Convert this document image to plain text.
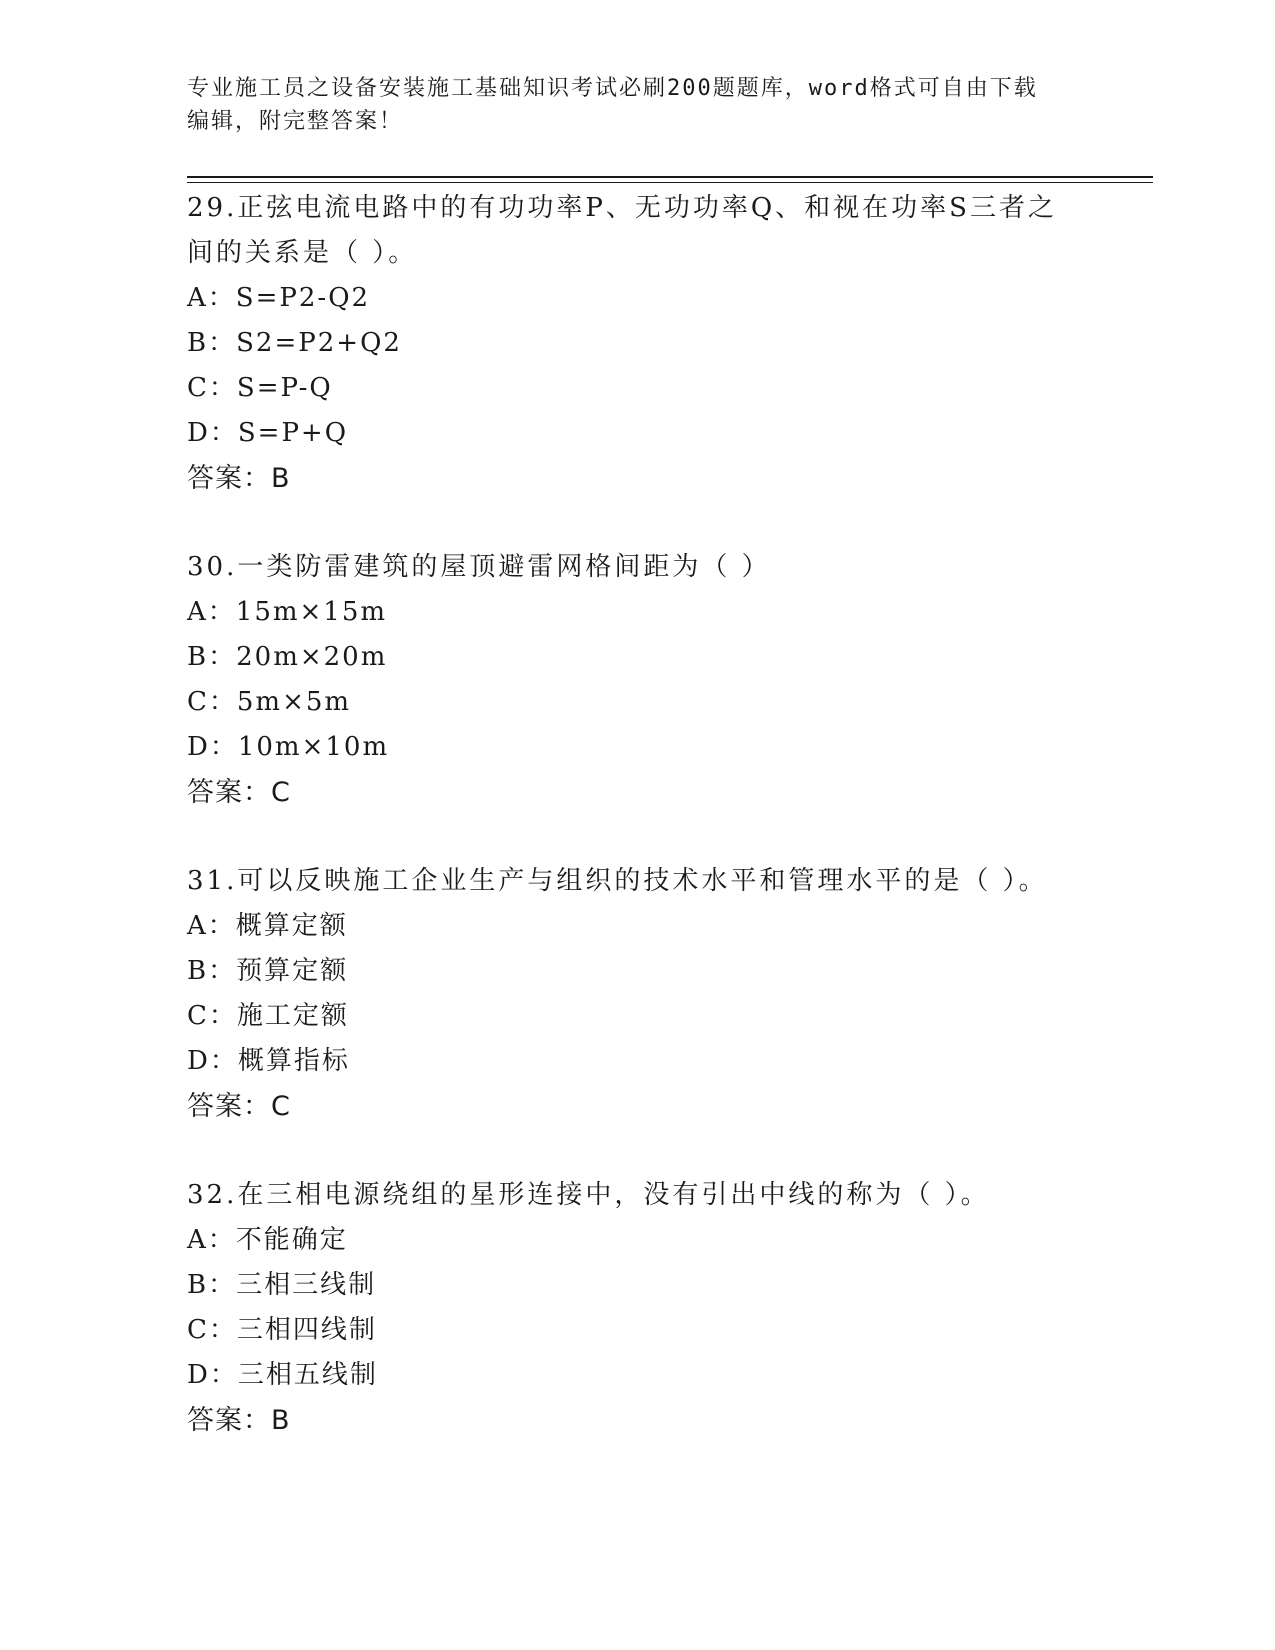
专业施工员之设备安装施工基础知识考试必刷200题题库，word格式可自由下载
编辑，附完整答案！
29.正弦电流电路中的有功功率P、无功功率Q、和视在功率S三者之
间的关系是（ ）。
A：S=P2-Q2
B：S2=P2+Q2
C：S=P-Q
D：S=P+Q
答案：B
30.一类防雷建筑的屋顶避雷网格间距为（ ）
A：15m×15m
B：20m×20m
C：5m×5m
D：10m×10m
答案：C
31.可以反映施工企业生产与组织的技术水平和管理水平的是（ ）。
A：概算定额
B：预算定额
C：施工定额
D：概算指标
答案：C
32.在三相电源绕组的星形连接中，没有引出中线的称为（ ）。
A：不能确定
B：三相三线制
C：三相四线制
D：三相五线制
答案：B
